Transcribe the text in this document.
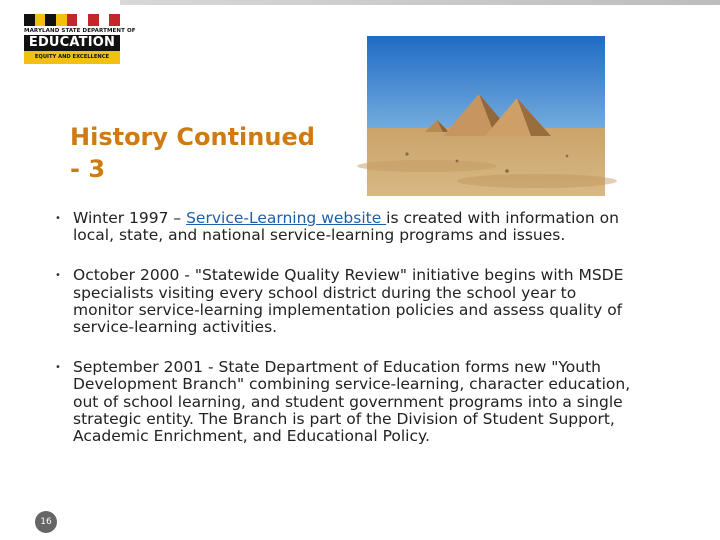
MARYLAND STATE DEPARTMENT OF
EDUCATION
EQUITY AND EXCELLENCE
History Continued
- 3
• Winter 1997 – Service-Learning website is created with information on local, state, and national service-learning programs and issues.
• October 2000 - "Statewide Quality Review" initiative begins with MSDE specialists visiting every school district during the school year to monitor service-learning implementation policies and assess quality of service-learning activities.
• September 2001 - State Department of Education forms new "Youth Development Branch" combining service-learning, character education, out of school learning, and student government programs into a single strategic entity. The Branch is part of the Division of Student Support, Academic Enrichment, and Educational Policy.
16
